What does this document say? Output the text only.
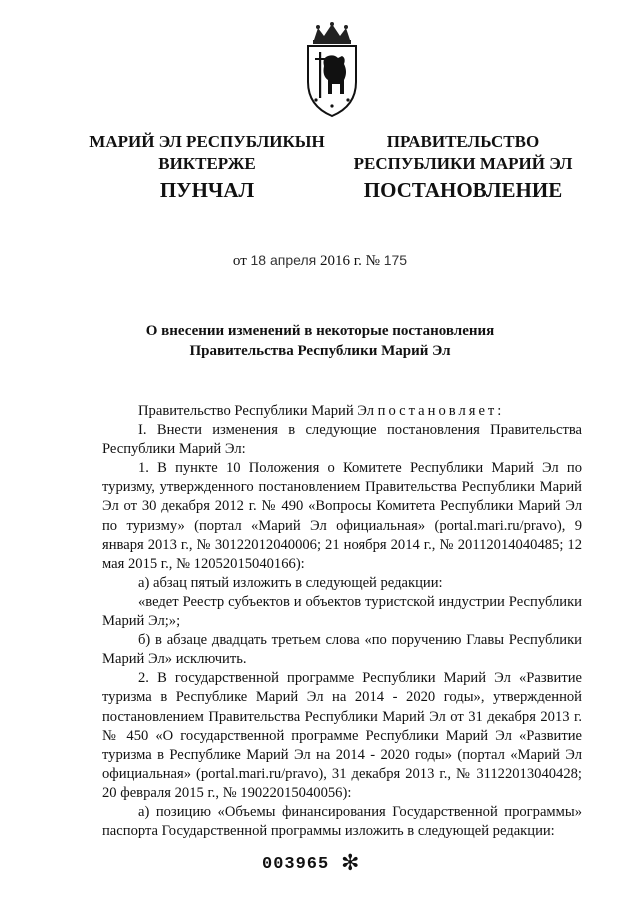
МАРИЙ ЭЛ РЕСПУБЛИКЫН
ВИКТЕРЖЕ
ПУНЧАЛ
ПРАВИТЕЛЬСТВО
РЕСПУБЛИКИ МАРИЙ ЭЛ
ПОСТАНОВЛЕНИЕ
от 18 апреля 2016 г. № 175
О внесении изменений в некоторые постановления
Правительства Республики Марий Эл

Правительство Республики Марий Эл постановляет:

I. Внести изменения в следующие постановления Правительства Республики Марий Эл:

1. В пункте 10 Положения о Комитете Республики Марий Эл по туризму, утвержденного постановлением Правительства Республики Марий Эл от 30 декабря 2012 г. № 490 «Вопросы Комитета Республики Марий Эл по туризму» (портал «Марий Эл официальная» (portal.mari.ru/pravo), 9 января 2013 г., № 30122012040006; 21 ноября 2014 г., № 20112014040485; 12 мая 2015 г., № 12052015040166):

а) абзац пятый изложить в следующей редакции:

«ведет Реестр субъектов и объектов туристской индустрии Республики Марий Эл;»;

б) в абзаце двадцать третьем слова «по поручению Главы Республики Марий Эл» исключить.

2. В государственной программе Республики Марий Эл «Развитие туризма в Республике Марий Эл на 2014 - 2020 годы», утвержденной постановлением Правительства Республики Марий Эл от 31 декабря 2013 г. № 450 «О государственной программе Республики Марий Эл «Развитие туризма в Республике Марий Эл на 2014 - 2020 годы» (портал «Марий Эл официальная» (portal.mari.ru/pravo), 31 декабря 2013 г., № 31122013040428; 20 февраля 2015 г., № 19022015040056):

а) позицию «Объемы финансирования Государственной программы» паспорта Государственной программы изложить в следующей редакции:

003965 ✻
